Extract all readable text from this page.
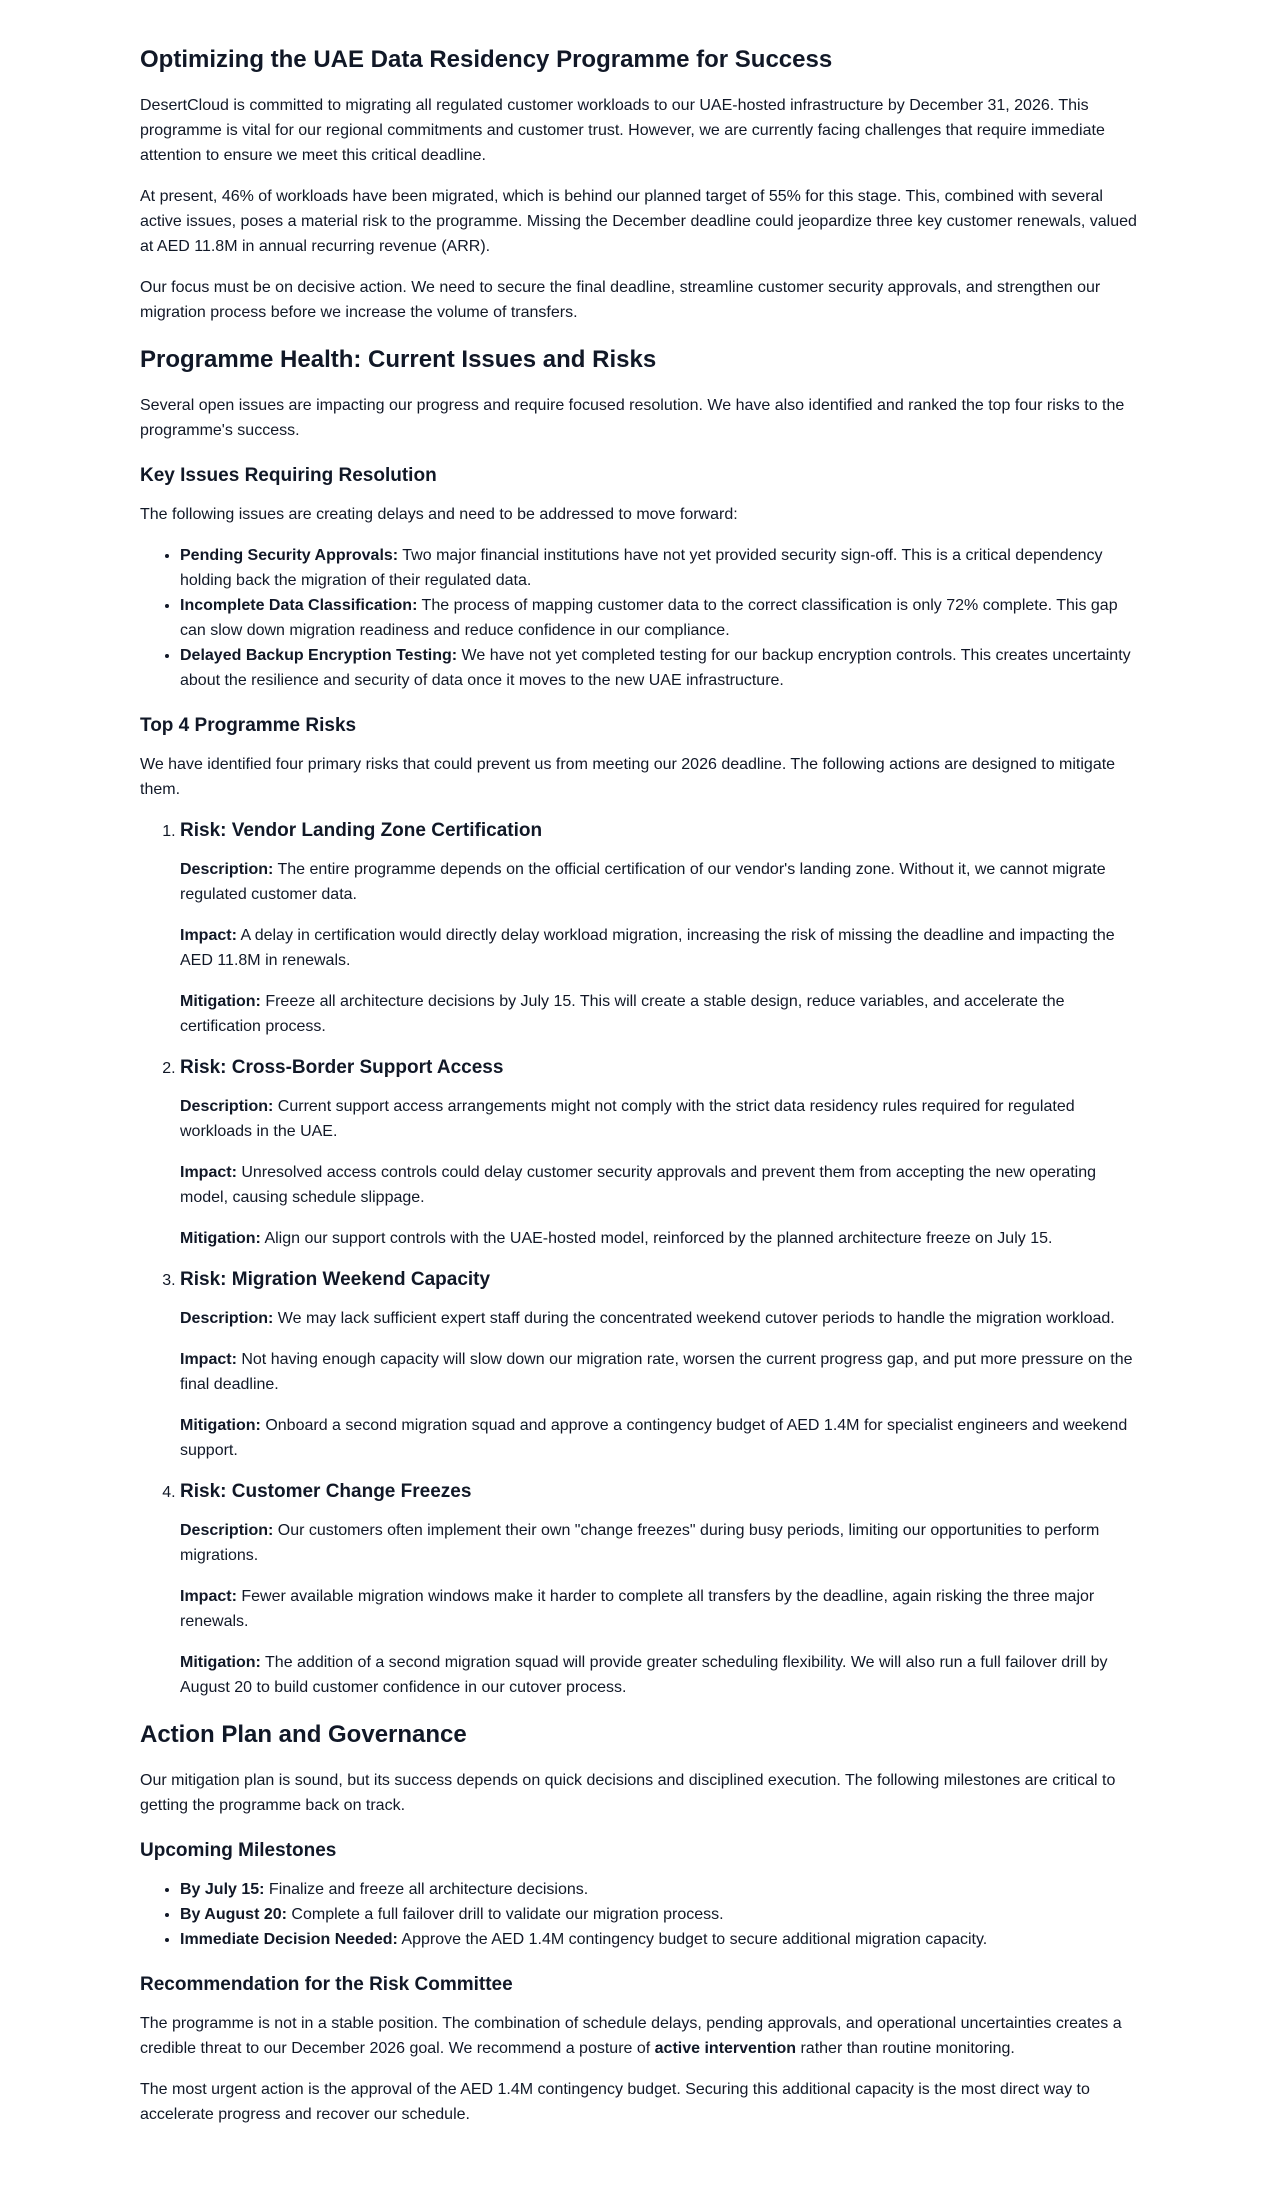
Optimizing the UAE Data Residency Programme for Success

DesertCloud is committed to migrating all regulated customer workloads to our UAE-hosted infrastructure by December 31, 2026. This programme is vital for our regional commitments and customer trust. However, we are currently facing challenges that require immediate attention to ensure we meet this critical deadline.

At present, 46% of workloads have been migrated, which is behind our planned target of 55% for this stage. This, combined with several active issues, poses a material risk to the programme. Missing the December deadline could jeopardize three key customer renewals, valued at AED 11.8M in annual recurring revenue (ARR).

Our focus must be on decisive action. We need to secure the final deadline, streamline customer security approvals, and strengthen our migration process before we increase the volume of transfers.

Programme Health: Current Issues and Risks

Several open issues are impacting our progress and require focused resolution. We have also identified and ranked the top four risks to the programme's success.

Key Issues Requiring Resolution

The following issues are creating delays and need to be addressed to move forward:

• Pending Security Approvals: Two major financial institutions have not yet provided security sign-off. This is a critical dependency holding back the migration of their regulated data.
• Incomplete Data Classification: The process of mapping customer data to the correct classification is only 72% complete. This gap can slow down migration readiness and reduce confidence in our compliance.
• Delayed Backup Encryption Testing: We have not yet completed testing for our backup encryption controls. This creates uncertainty about the resilience and security of data once it moves to the new UAE infrastructure.
Top 4 Programme Risks

We have identified four primary risks that could prevent us from meeting our 2026 deadline. The following actions are designed to mitigate them.

1. Risk: Vendor Landing Zone Certification

Description: The entire programme depends on the official certification of our vendor's landing zone. Without it, we cannot migrate regulated customer data.

Impact: A delay in certification would directly delay workload migration, increasing the risk of missing the deadline and impacting the AED 11.8M in renewals.

Mitigation: Freeze all architecture decisions by July 15. This will create a stable design, reduce variables, and accelerate the certification process.

2. Risk: Cross-Border Support Access

Description: Current support access arrangements might not comply with the strict data residency rules required for regulated workloads in the UAE.

Impact: Unresolved access controls could delay customer security approvals and prevent them from accepting the new operating model, causing schedule slippage.

Mitigation: Align our support controls with the UAE-hosted model, reinforced by the planned architecture freeze on July 15.

3. Risk: Migration Weekend Capacity

Description: We may lack sufficient expert staff during the concentrated weekend cutover periods to handle the migration workload.

Impact: Not having enough capacity will slow down our migration rate, worsen the current progress gap, and put more pressure on the final deadline.

Mitigation: Onboard a second migration squad and approve a contingency budget of AED 1.4M for specialist engineers and weekend support.

4. Risk: Customer Change Freezes

Description: Our customers often implement their own "change freezes" during busy periods, limiting our opportunities to perform migrations.

Impact: Fewer available migration windows make it harder to complete all transfers by the deadline, again risking the three major renewals.

Mitigation: The addition of a second migration squad will provide greater scheduling flexibility. We will also run a full failover drill by August 20 to build customer confidence in our cutover process.

Action Plan and Governance

Our mitigation plan is sound, but its success depends on quick decisions and disciplined execution. The following milestones are critical to getting the programme back on track.

Upcoming Milestones
• By July 15: Finalize and freeze all architecture decisions.
• By August 20: Complete a full failover drill to validate our migration process.
• Immediate Decision Needed: Approve the AED 1.4M contingency budget to secure additional migration capacity.
Recommendation for the Risk Committee

The programme is not in a stable position. The combination of schedule delays, pending approvals, and operational uncertainties creates a credible threat to our December 2026 goal. We recommend a posture of active intervention rather than routine monitoring.

The most urgent action is the approval of the AED 1.4M contingency budget. Securing this additional capacity is the most direct way to accelerate progress and recover our schedule.
